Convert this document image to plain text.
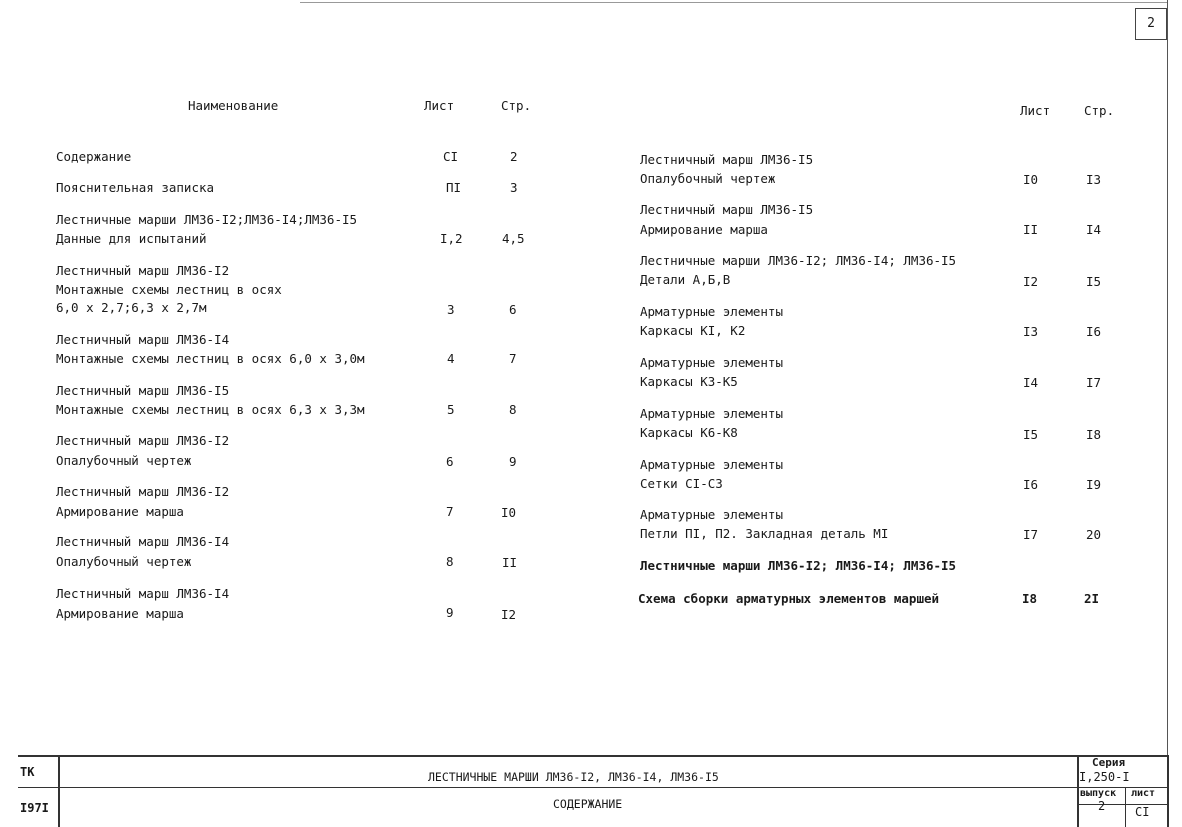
2
Наименование	Лист	Стр.	Лист	Стр.
Содержание	CI	2
Пояснительная записка	ПI	3
Лестничные марши ЛМ36-I2;ЛМ36-I4;ЛМ36-I5
Данные для испытаний	I,2	4,5
Лестничный марш ЛМ36-I2
Монтажные схемы лестниц в осях
6,0 х 2,7;6,3 х 2,7м	3	6
Лестничный марш ЛМ36-I4
Монтажные схемы лестниц в осях 6,0 х 3,0м	4	7
Лестничный марш ЛМ36-I5
Монтажные схемы лестниц в осях 6,3 х 3,3м	5	8
Лестничный марш ЛМ36-I2
Опалубочный чертеж	6	9
Лестничный марш ЛМ36-I2
Армирование марша	7	I0
Лестничный марш ЛМ36-I4
Опалубочный чертеж	8	II
Лестничный марш ЛМ36-I4
Армирование марша	9	I2
Лестничный марш ЛМ36-I5
Опалубочный чертеж	I0	I3
Лестничный марш ЛМ36-I5
Армирование марша	II	I4
Лестничные марши ЛМ36-I2; ЛМ36-I4; ЛМ36-I5
Детали А,Б,В	I2	I5
Арматурные элементы
Каркасы КI, К2	I3	I6
Арматурные элементы
Каркасы К3-К5	I4	I7
Арматурные элементы
Каркасы К6-К8	I5	I8
Арматурные элементы
Сетки СI-С3	I6	I9
Арматурные элементы
Петли ПI, П2. Закладная деталь МI	I7	20
Лестничные марши ЛМ36-I2; ЛМ36-I4; ЛМ36-I5
Схема сборки арматурных элементов маршей	I8	2I
ТК
I97I
ЛЕСТНИЧНЫЕ МАРШИ ЛМ36-I2, ЛМ36-I4, ЛМ36-I5
СОДЕРЖАНИЕ
Серия
I,250-I
выпуск
2
лист
CI
